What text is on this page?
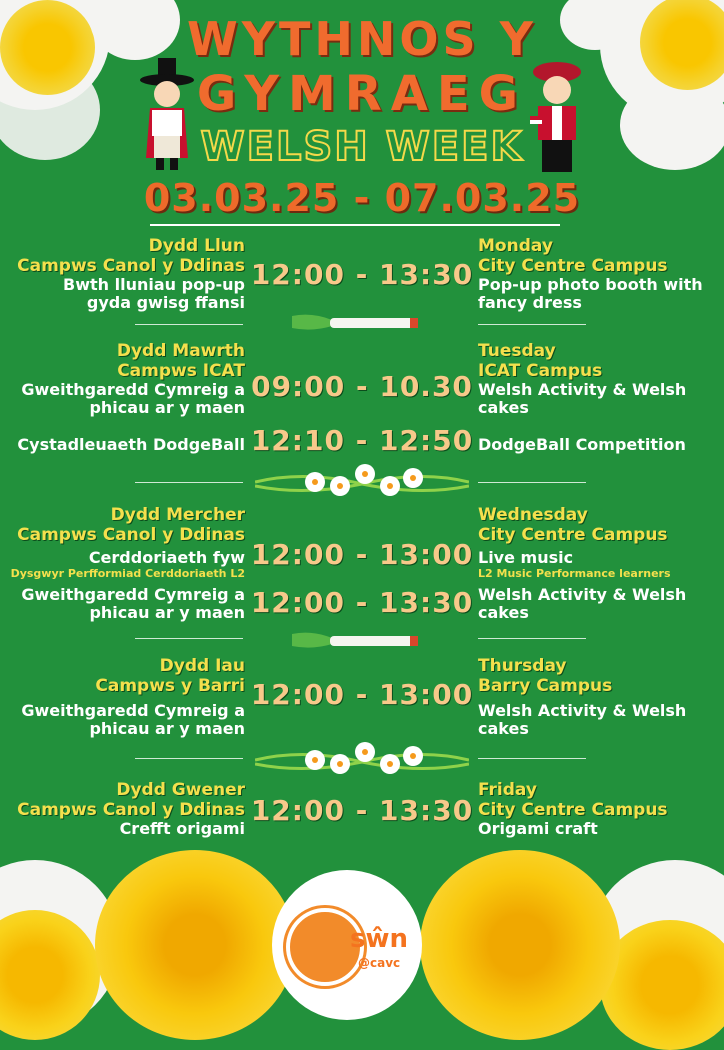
WYTHNOS Y
GYMRAEG
WELSH WEEK
03.03.25 - 07.03.25
Dydd Llun
Campws Canol y Ddinas
Bwth lluniau pop-up gyda gwisg ffansi
12:00 - 13:30
Monday
City Centre Campus
Pop-up photo booth with fancy dress
Dydd Mawrth
Campws ICAT
Gweithgaredd Cymreig a phicau ar y maen
09:00 - 10.30
Tuesday
ICAT Campus
Welsh Activity & Welsh cakes
Cystadleuaeth DodgeBall 12:10 - 12:50 DodgeBall Competition
Dydd Mercher
Campws Canol y Ddinas
Cerddoriaeth fyw
Dysgwyr Perfformiad Cerddoriaeth L2
12:00 - 13:00
Wednesday
City Centre Campus
Live music
L2 Music Performance learners
Gweithgaredd Cymreig a phicau ar y maen 12:00 - 13:30 Welsh Activity & Welsh cakes
Dydd Iau
Campws y Barri
Gweithgaredd Cymreig a phicau ar y maen
12:00 - 13:00
Thursday
Barry Campus
Welsh Activity & Welsh cakes
Dydd Gwener
Campws Canol y Ddinas
Crefft origami
12:00 - 13:30
Friday
City Centre Campus
Origami craft
sŵn
@cavc
